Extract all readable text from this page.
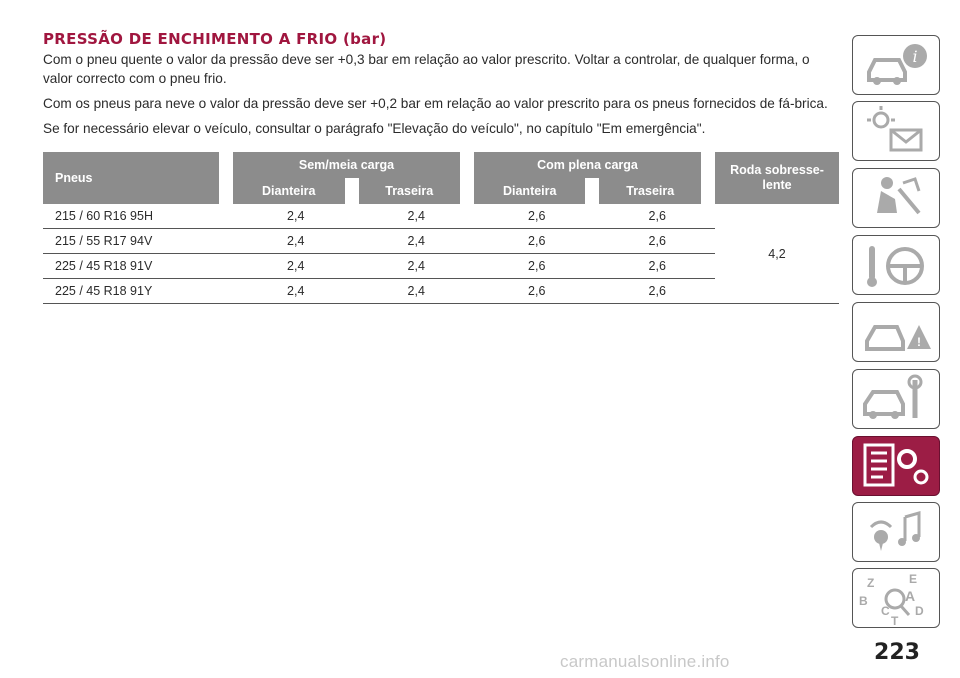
PRESSÃO DE ENCHIMENTO A FRIO (bar)

Com o pneu quente o valor da pressão deve ser +0,3 bar em relação ao valor prescrito. Voltar a controlar, de qualquer forma, o valor correcto com o pneu frio.

Com os pneus para neve o valor da pressão deve ser +0,2 bar em relação ao valor prescrito para os pneus fornecidos de fá-brica.

Se for necessário elevar o veículo, consultar o parágrafo "Elevação do veículo", no capítulo "Em emergência".

Pneus		Sem/meia carga				Com plena carga				Roda sobresse-lente
		Dianteira		Traseira		Dianteira		Traseira		
215 / 60 R16 95H		2,4		2,4		2,6		2,6		4,2
215 / 55 R17 94V		2,4		2,4		2,6		2,6		
225 / 45 R18 91V		2,4		2,4		2,6		2,6		
225 / 45 R18 91Y		2,4		2,4		2,6		2,6		
i
!
Z	E
B	A
C D
T
223
carmanualsonline.info
